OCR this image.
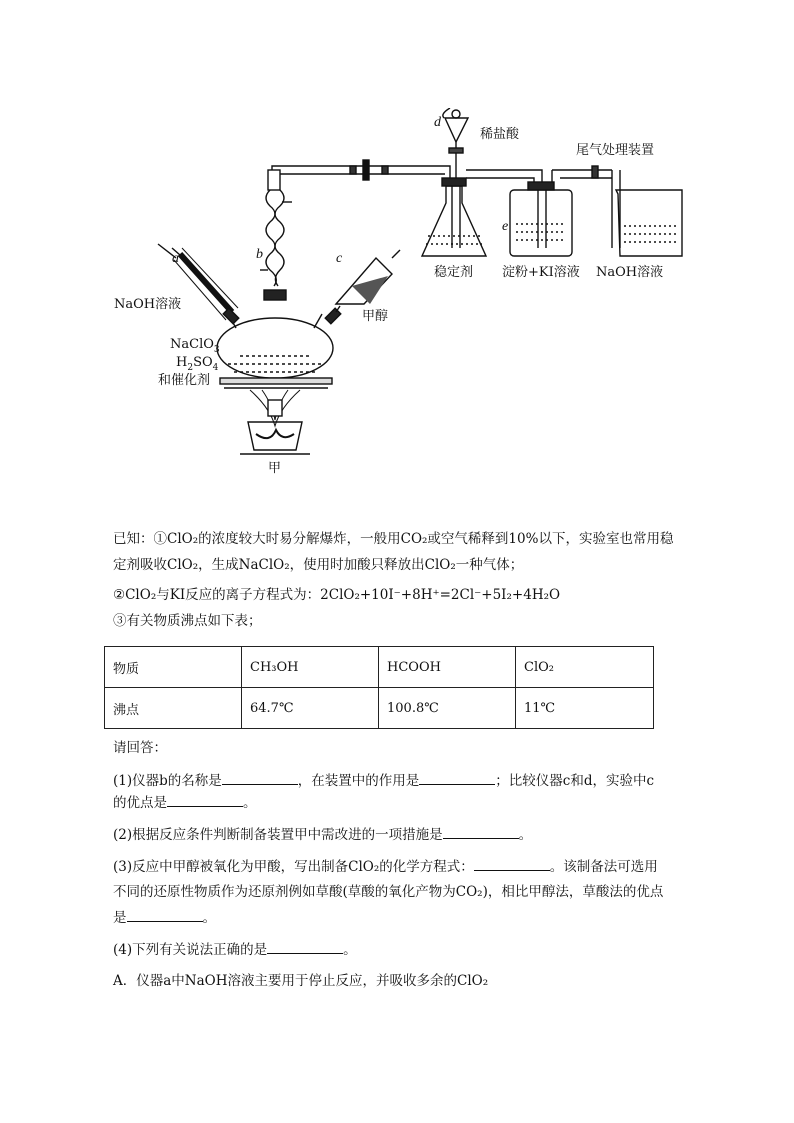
d
稀盐酸
尾气处理装置
e
稳定剂 淀粉+KI溶液 NaOH溶液
b	c
a
NaOH溶液
甲醇
NaClO$_3$
$H_2SO_4$
和催化剂
甲

已知：①ClO₂的浓度较大时易分解爆炸，一般用CO₂或空气稀释到10%以下，实验室也常用稳

定剂吸收ClO₂，生成NaClO₂，使用时加酸只释放出ClO₂一种气体；

②ClO₂与KI反应的离子方程式为：2ClO₂+10I⁻+8H⁺=2Cl⁻+5I₂+4H₂O

③有关物质沸点如下表；

物质	CH₃OH	HCOOH	ClO₂
沸点	64.7℃	100.8℃	11℃

请回答：

(1)仪器b的名称是	，在装置中的作用是	；比较仪器c和d，实验中c

的优点是	。

(2)根据反应条件判断制备装置甲中需改进的一项措施是	。

(3)反应中甲醇被氧化为甲酸，写出制备ClO₂的化学方程式：	。该制备法可选用

不同的还原性物质作为还原剂例如草酸(草酸的氧化产物为CO₂)，相比甲醇法，草酸法的优点

是	。

(4)下列有关说法正确的是	。

A．仪器a中NaOH溶液主要用于停止反应，并吸收多余的ClO₂
